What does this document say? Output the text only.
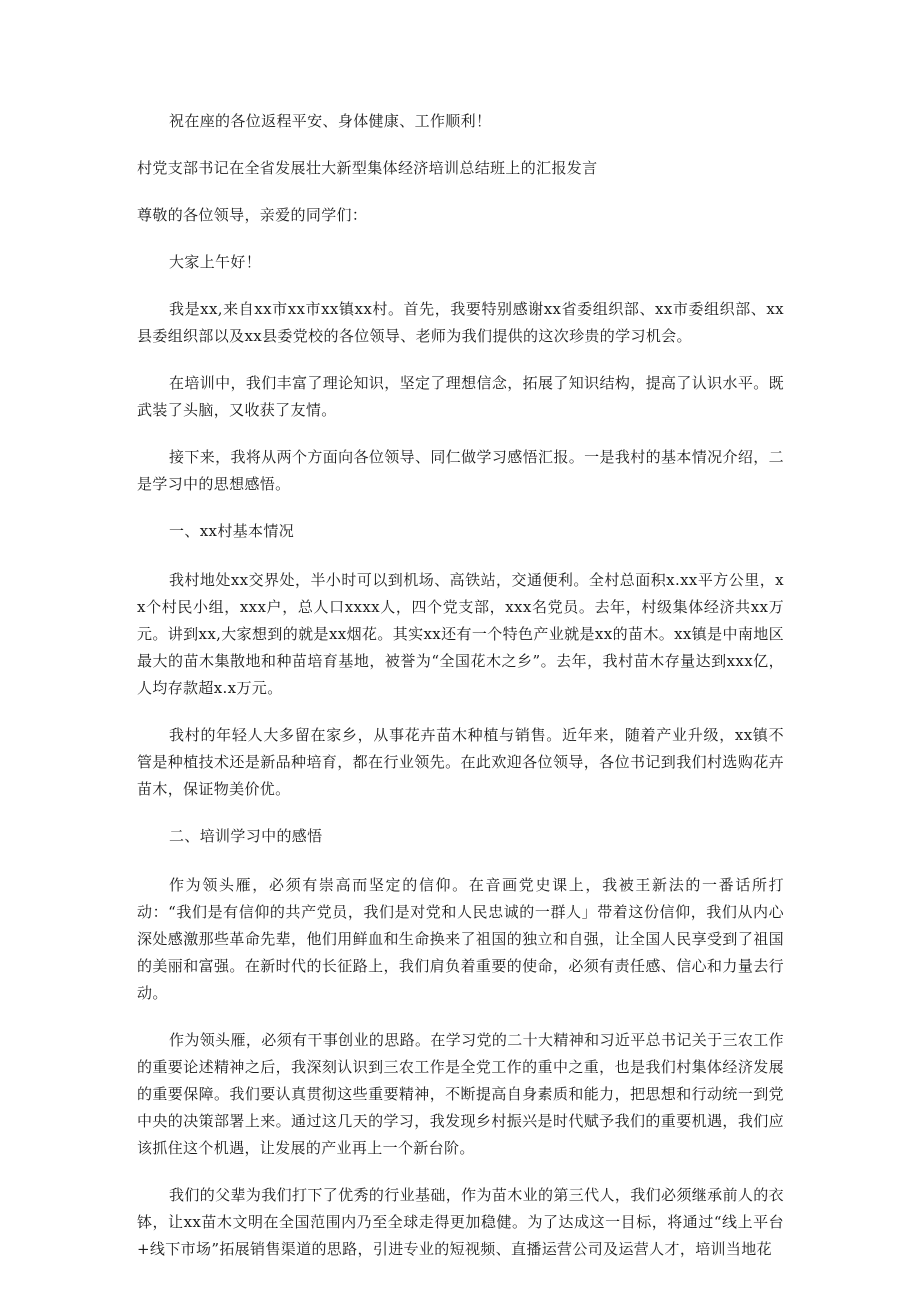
祝在座的各位返程平安、身体健康、工作顺利！

村党支部书记在全省发展壮大新型集体经济培训总结班上的汇报发言

尊敬的各位领导，亲爱的同学们：

大家上午好！

我是xx,来自xx市xx市xx镇xx村。首先，我要特别感谢xx省委组织部、xx市委组织部、xx县委组织部以及xx县委党校的各位领导、老师为我们提供的这次珍贵的学习机会。

在培训中，我们丰富了理论知识，坚定了理想信念，拓展了知识结构，提高了认识水平。既武装了头脑，又收获了友情。

接下来，我将从两个方面向各位领导、同仁做学习感悟汇报。一是我村的基本情况介绍，二是学习中的思想感悟。

一、xx村基本情况

我村地处xx交界处，半小时可以到机场、高铁站，交通便利。全村总面积x.xx平方公里，xx个村民小组，xxx户，总人口xxxx人，四个党支部，xxx名党员。去年，村级集体经济共xx万元。讲到xx,大家想到的就是xx烟花。其实xx还有一个特色产业就是xx的苗木。xx镇是中南地区最大的苗木集散地和种苗培育基地，被誉为“全国花木之乡”。去年，我村苗木存量达到xxx亿，人均存款超x.x万元。

我村的年轻人大多留在家乡，从事花卉苗木种植与销售。近年来，随着产业升级，xx镇不管是种植技术还是新品种培育，都在行业领先。在此欢迎各位领导，各位书记到我们村选购花卉苗木，保证物美价优。

二、培训学习中的感悟

作为领头雁，必须有崇高而坚定的信仰。在音画党史课上，我被王新法的一番话所打动：“我们是有信仰的共产党员，我们是对党和人民忠诚的一群人」带着这份信仰，我们从内心深处感激那些革命先辈，他们用鲜血和生命换来了祖国的独立和自强，让全国人民享受到了祖国的美丽和富强。在新时代的长征路上，我们肩负着重要的使命，必须有责任感、信心和力量去行动。

作为领头雁，必须有干事创业的思路。在学习党的二十大精神和习近平总书记关于三农工作的重要论述精神之后，我深刻认识到三农工作是全党工作的重中之重，也是我们村集体经济发展的重要保障。我们要认真贯彻这些重要精神，不断提高自身素质和能力，把思想和行动统一到党中央的决策部署上来。通过这几天的学习，我发现乡村振兴是时代赋予我们的重要机遇，我们应该抓住这个机遇，让发展的产业再上一个新台阶。

我们的父辈为我们打下了优秀的行业基础，作为苗木业的第三代人，我们必须继承前人的衣钵，让xx苗木文明在全国范围内乃至全球走得更加稳健。为了达成这一目标，将通过“线上平台+线下市场”拓展销售渠道的思路，引进专业的短视频、直播运营公司及运营人才，培训当地花
